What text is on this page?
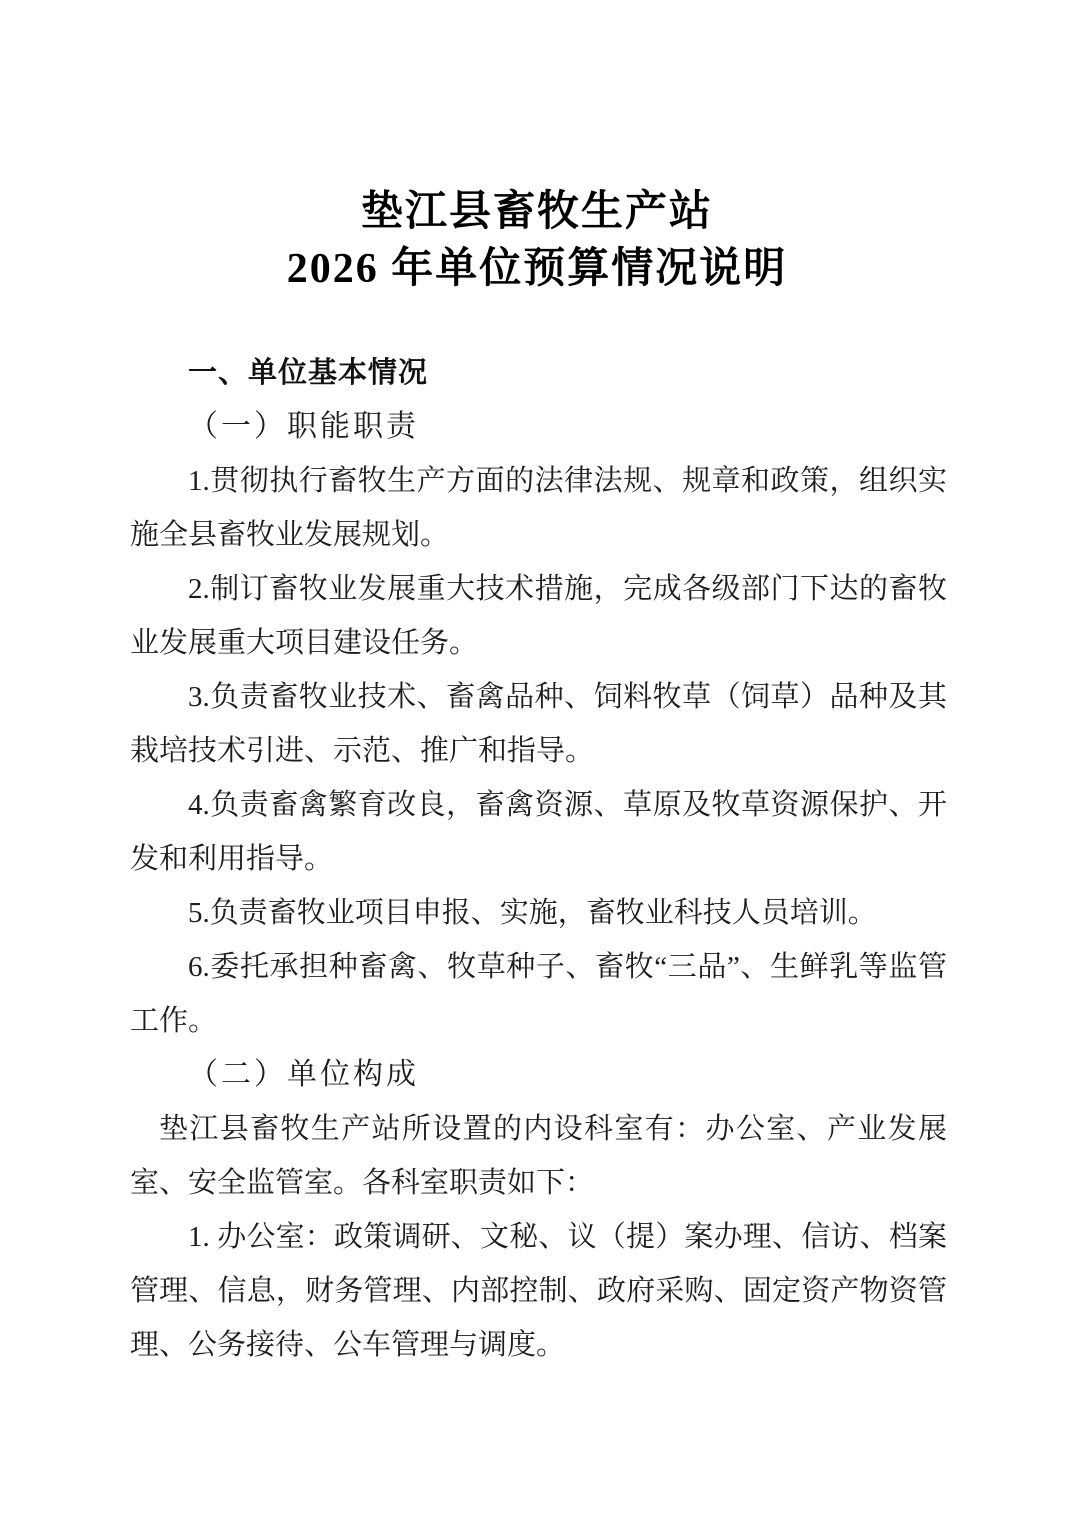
垫江县畜牧生产站
2026 年单位预算情况说明
一、单位基本情况
（一）职能职责

1.贯彻执行畜牧生产方面的法律法规、规章和政策，组织实施全县畜牧业发展规划。

2.制订畜牧业发展重大技术措施，完成各级部门下达的畜牧业发展重大项目建设任务。

3.负责畜牧业技术、畜禽品种、饲料牧草（饲草）品种及其栽培技术引进、示范、推广和指导。

4.负责畜禽繁育改良，畜禽资源、草原及牧草资源保护、开发和利用指导。

5.负责畜牧业项目申报、实施，畜牧业科技人员培训。

6.委托承担种畜禽、牧草种子、畜牧“三品”、生鲜乳等监管工作。

（二）单位构成

垫江县畜牧生产站所设置的内设科室有：办公室、产业发展室、安全监管室。各科室职责如下：

1. 办公室：政策调研、文秘、议（提）案办理、信访、档案管理、信息，财务管理、内部控制、政府采购、固定资产物资管理、公务接待、公车管理与调度。
